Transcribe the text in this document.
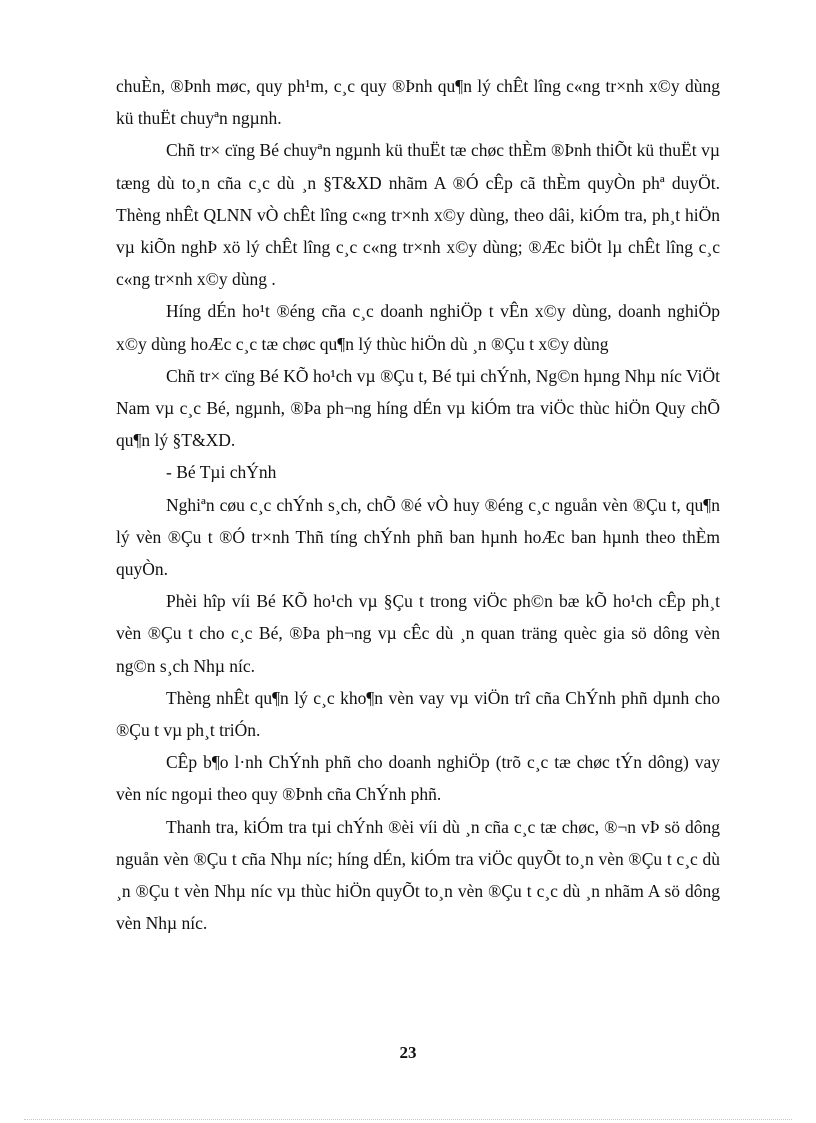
chuÈn, ®Þnh møc, quy ph¹m, c¸c quy ®Þnh qu¶n lý chÊt lîng c«ng tr×nh x©y dùng kü thuËt chuyªn ngµnh.

Chñ tr× cïng Bé chuyªn ngµnh kü thuËt tæ chøc thÈm ®Þnh thiÕt kü thuËt vµ tæng dù to¸n cña c¸c dù ¸n §T&XD nhãm A ®Ó cÊp cã thÈm quyÒn phª duyÖt. Thèng nhÊt QLNN vÒ chÊt lîng c«ng tr×nh x©y dùng, theo dâi, kiÓm tra, ph¸t hiÖn vµ kiÕn nghÞ xö lý chÊt lîng c¸c c«ng tr×nh x©y dùng; ®Æc biÖt lµ chÊt lîng c¸c c«ng tr×nh x©y dùng .

Híng dÉn ho¹t ®éng cña c¸c doanh nghiÖp t vÊn x©y dùng, doanh nghiÖp x©y dùng hoÆc c¸c tæ chøc qu¶n lý thùc hiÖn dù ¸n ®Çu t x©y dùng

Chñ tr× cïng Bé KÕ ho¹ch vµ ®Çu t, Bé tµi chÝnh, Ng©n hµng Nhµ níc ViÖt Nam vµ c¸c Bé, ngµnh, ®Þa ph¬ng híng dÉn vµ kiÓm tra viÖc thùc hiÖn Quy chÕ qu¶n lý §T&XD.

- Bé Tµi chÝnh

Nghiªn cøu c¸c chÝnh s¸ch, chÕ ®é vÒ huy ®éng c¸c nguån vèn ®Çu t, qu¶n lý vèn ®Çu t ®Ó tr×nh Thñ tíng chÝnh phñ ban hµnh hoÆc ban hµnh theo thÈm quyÒn.

Phèi hîp víi Bé KÕ ho¹ch vµ §Çu t trong viÖc ph©n bæ kÕ ho¹ch cÊp ph¸t vèn ®Çu t cho c¸c Bé, ®Þa ph¬ng vµ cÊc dù ¸n quan träng quèc gia sö dông vèn ng©n s¸ch Nhµ níc.

Thèng nhÊt qu¶n lý c¸c kho¶n vèn vay vµ viÖn trî cña ChÝnh phñ dµnh cho ®Çu t vµ ph¸t triÓn.

CÊp b¶o l·nh ChÝnh phñ cho doanh nghiÖp (trõ c¸c tæ chøc tÝn dông) vay vèn níc ngoµi theo quy ®Þnh cña ChÝnh phñ.

Thanh tra, kiÓm tra tµi chÝnh ®èi víi dù ¸n cña c¸c tæ chøc, ®¬n vÞ sö dông nguån vèn ®Çu t cña Nhµ níc; híng dÉn, kiÓm tra viÖc quyÕt to¸n vèn ®Çu t c¸c dù ¸n ®Çu t vèn Nhµ níc vµ thùc hiÖn quyÕt to¸n vèn ®Çu t c¸c dù ¸n nhãm A sö dông vèn Nhµ níc.

23
